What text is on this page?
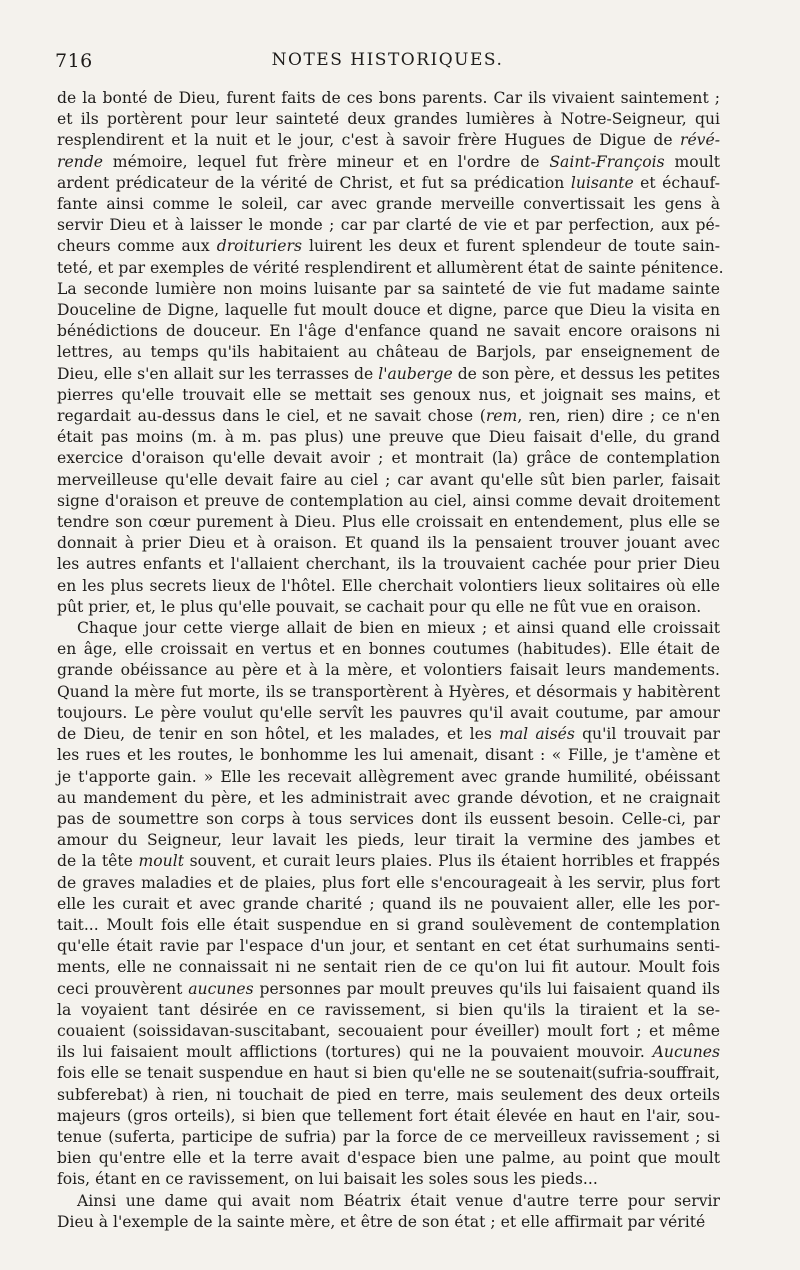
716	NOTES HISTORIQUES.
de la bonté de Dieu, furent faits de ces bons parents. Car ils vivaient saintement ;
et ils portèrent pour leur sainteté deux grandes lumières à Notre-Seigneur, qui
resplendirent et la nuit et le jour, c'est à savoir frère Hugues de Digue de révé-
rende mémoire, lequel fut frère mineur et en l'ordre de Saint-François moult
ardent prédicateur de la vérité de Christ, et fut sa prédication luisante et échauf-
fante ainsi comme le soleil, car avec grande merveille convertissait les gens à
servir Dieu et à laisser le monde ; car par clarté de vie et par perfection, aux pé-
cheurs comme aux droituriers luirent les deux et furent splendeur de toute sain-
teté, et par exemples de vérité resplendirent et allumèrent état de sainte pénitence.
La seconde lumière non moins luisante par sa sainteté de vie fut madame sainte
Douceline de Digne, laquelle fut moult douce et digne, parce que Dieu la visita en
bénédictions de douceur. En l'âge d'enfance quand ne savait encore oraisons ni
lettres, au temps qu'ils habitaient au château de Barjols, par enseignement de
Dieu, elle s'en allait sur les terrasses de l'auberge de son père, et dessus les petites
pierres qu'elle trouvait elle se mettait ses genoux nus, et joignait ses mains, et
regardait au-dessus dans le ciel, et ne savait chose (rem, ren, rien) dire ; ce n'en
était pas moins (m. à m. pas plus) une preuve que Dieu faisait d'elle, du grand
exercice d'oraison qu'elle devait avoir ; et montrait (la) grâce de contemplation
merveilleuse qu'elle devait faire au ciel ; car avant qu'elle sût bien parler, faisait
signe d'oraison et preuve de contemplation au ciel, ainsi comme devait droitement
tendre son cœur purement à Dieu. Plus elle croissait en entendement, plus elle se
donnait à prier Dieu et à oraison. Et quand ils la pensaient trouver jouant avec
les autres enfants et l'allaient cherchant, ils la trouvaient cachée pour prier Dieu
en les plus secrets lieux de l'hôtel. Elle cherchait volontiers lieux solitaires où elle
pût prier, et, le plus qu'elle pouvait, se cachait pour qu elle ne fût vue en oraison.
Chaque jour cette vierge allait de bien en mieux ; et ainsi quand elle croissait
en âge, elle croissait en vertus et en bonnes coutumes (habitudes). Elle était de
grande obéissance au père et à la mère, et volontiers faisait leurs mandements.
Quand la mère fut morte, ils se transportèrent à Hyères, et désormais y habitèrent
toujours. Le père voulut qu'elle servît les pauvres qu'il avait coutume, par amour
de Dieu, de tenir en son hôtel, et les malades, et les mal aisés qu'il trouvait par
les rues et les routes, le bonhomme les lui amenait, disant : « Fille, je t'amène et
je t'apporte gain. » Elle les recevait allègrement avec grande humilité, obéissant
au mandement du père, et les administrait avec grande dévotion, et ne craignait
pas de soumettre son corps à tous services dont ils eussent besoin. Celle-ci, par
amour du Seigneur, leur lavait les pieds, leur tirait la vermine des jambes et
de la tête moult souvent, et curait leurs plaies. Plus ils étaient horribles et frappés
de graves maladies et de plaies, plus fort elle s'encourageait à les servir, plus fort
elle les curait et avec grande charité ; quand ils ne pouvaient aller, elle les por-
tait... Moult fois elle était suspendue en si grand soulèvement de contemplation
qu'elle était ravie par l'espace d'un jour, et sentant en cet état surhumains senti-
ments, elle ne connaissait ni ne sentait rien de ce qu'on lui fit autour. Moult fois
ceci prouvèrent aucunes personnes par moult preuves qu'ils lui faisaient quand ils
la voyaient tant désirée en ce ravissement, si bien qu'ils la tiraient et la se-
couaient (soissidavan-suscitabant, secouaient pour éveiller) moult fort ; et même
ils lui faisaient moult afflictions (tortures) qui ne la pouvaient mouvoir. Aucunes
fois elle se tenait suspendue en haut si bien qu'elle ne se soutenait(sufria-souffrait,
subferebat) à rien, ni touchait de pied en terre, mais seulement des deux orteils
majeurs (gros orteils), si bien que tellement fort était élevée en haut en l'air, sou-
tenue (suferta, participe de sufria) par la force de ce merveilleux ravissement ; si
bien qu'entre elle et la terre avait d'espace bien une palme, au point que moult
fois, étant en ce ravissement, on lui baisait les soles sous les pieds...
Ainsi une dame qui avait nom Béatrix était venue d'autre terre pour servir
Dieu à l'exemple de la sainte mère, et être de son état ; et elle affirmait par vérité
